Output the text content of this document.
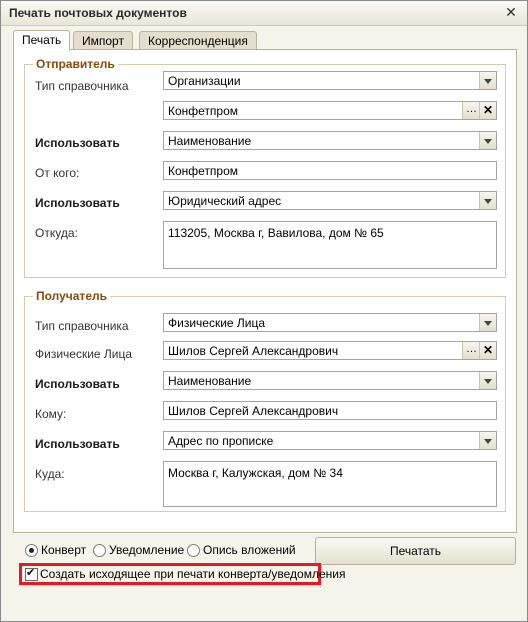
Печать почтовых документов	✕
Печать	Импорт	Корреспонденция
Отправитель
Тип справочника	Организации
Конфетпром	… ✕
Использовать	Наименование
От кого:	Конфетпром
Использовать	Юридический адрес
Откуда:	113205, Москва г, Вавилова, дом № 65
Получатель
Тип справочника	Физические Лица
Физические Лица	Шилов Сергей Александрович	… ✕
Использовать	Наименование
Кому:	Шилов Сергей Александрович
Использовать	Адрес по прописке
Куда:	Москва г, Калужская, дом № 34
Конверт Уведомление Опись вложений	Печатать
✔
Создать исходящее при печати конверта/уведомления
